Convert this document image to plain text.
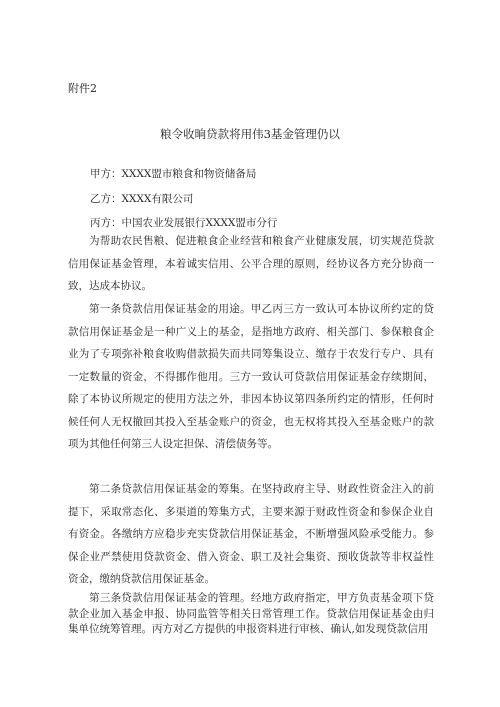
附件2
粮令收晌贷款将用伟3基金管理仍以
甲方：XXXX盟市粮食和物资储备局
乙方：XXXX有限公司
丙方：中国农业发展银行XXXX盟市分行

为帮助农民售粮、促进粮食企业经营和粮食产业健康发展，切实规范贷款信用保证基金管理，本着诚实信用、公平合理的原则，经协议各方充分协商一致，达成本协议。

第一条贷款信用保证基金的用途。甲乙丙三方一致认可本协议所约定的贷款信用保证基金是一种广义上的基金，是指地方政府、相关部门、参保粮食企业为了专项弥补粮食收购借款损失而共同筹集设立、缴存于农发行专户、具有一定数量的资金，不得挪作他用。三方一致认可贷款信用保证基金存续期间，除了本协议所规定的使用方法之外，非因本协议第四条所约定的情形，任何时候任何人无权撤回其投入至基金账户的资金，也无权将其投入至基金账户的款项为其他任何第三人设定担保、清偿债务等。

第二条贷款信用保证基金的筹集。在坚持政府主导、财政性资金注入的前提下，采取常态化、多渠道的筹集方式，主要来源于财政性资金和参保企业自有资金。各缴纳方应稳步充实贷款信用保证基金，不断增强风险承受能力。参保企业严禁使用贷款资金、借入资金、职工及社会集资、预收货款等非权益性资金，缴纳贷款信用保证基金。

第三条贷款信用保证基金的管理。经地方政府指定，甲方负责基金项下贷款企业加入基金申报、协同监管等相关日常管理工作。贷款信用保证基金由归集单位统筹管理。丙方对乙方提供的申报资料进行审核、确认,如发现贷款信用
